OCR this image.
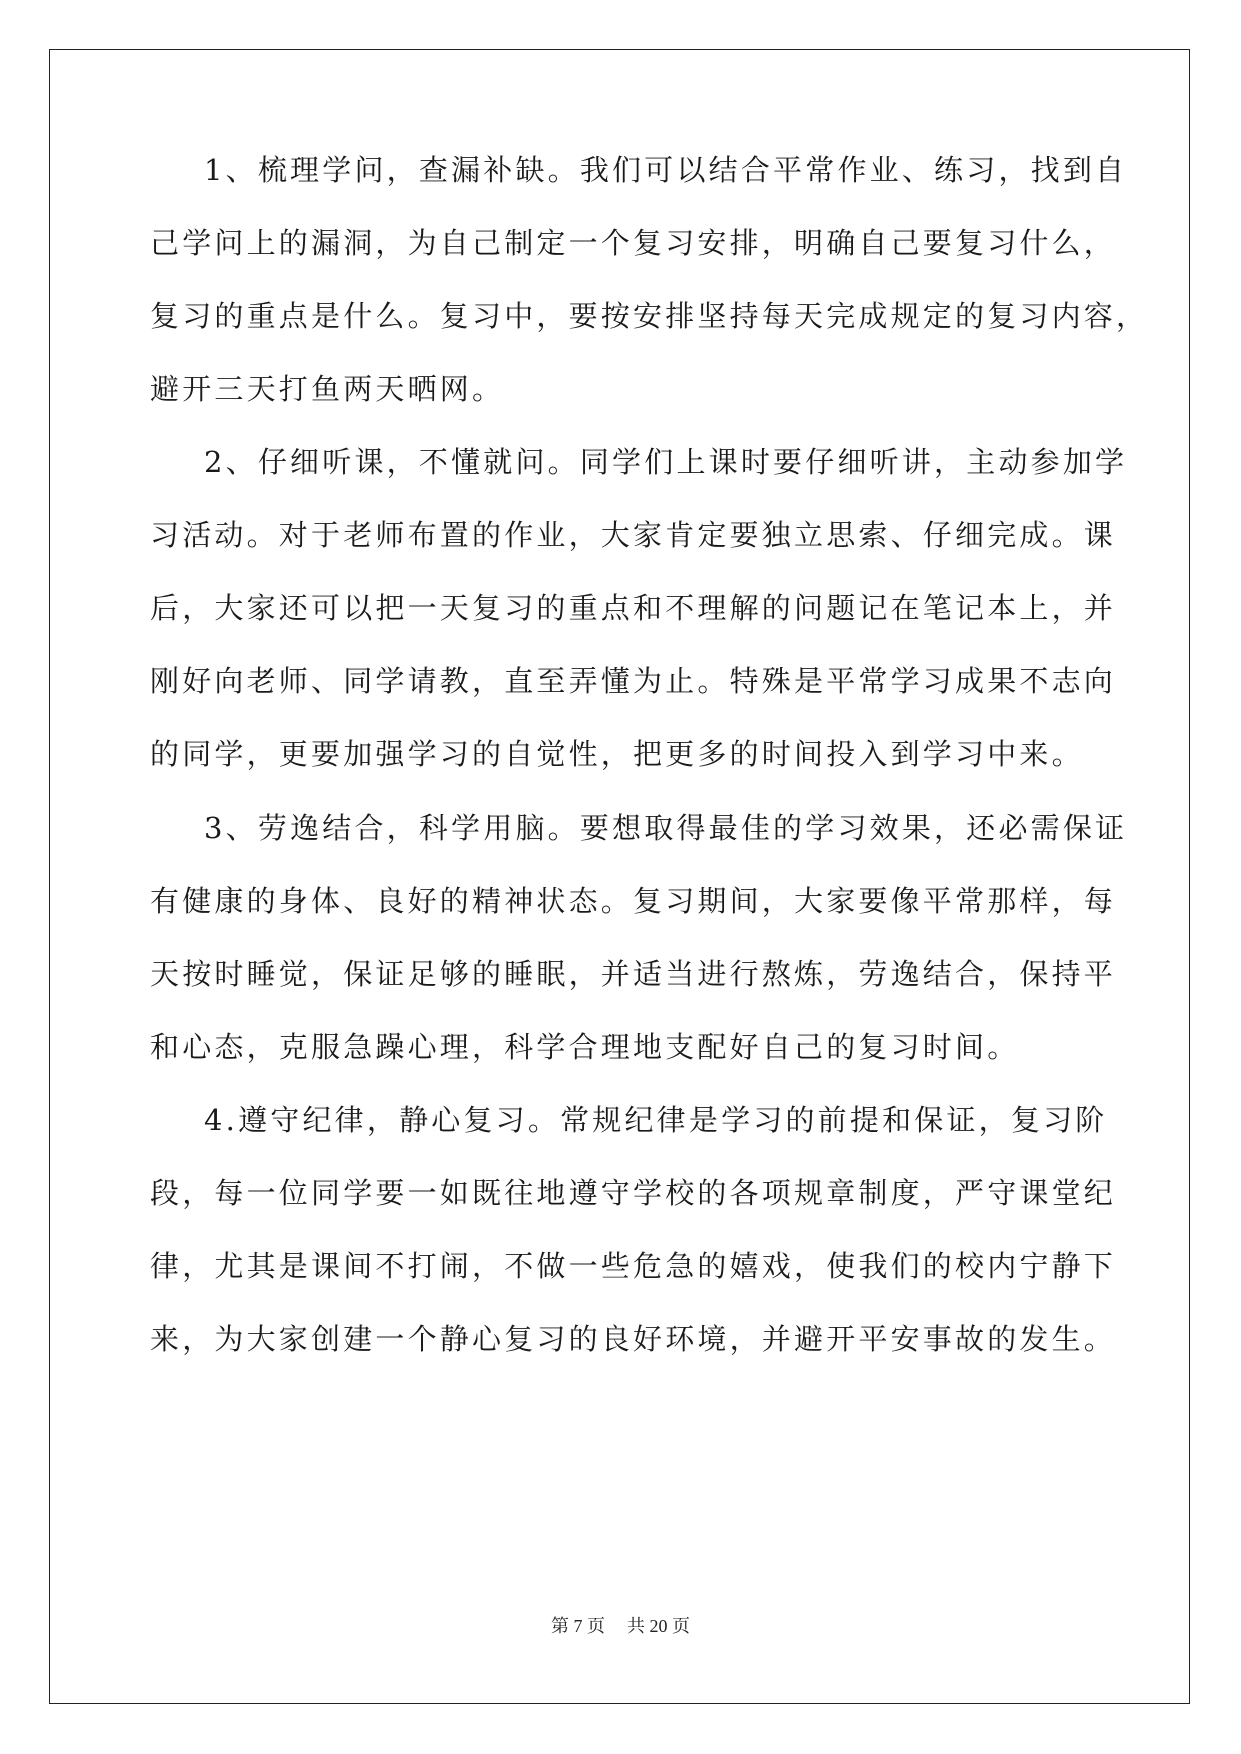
1、梳理学问，查漏补缺。我们可以结合平常作业、练习，找到自
己学问上的漏洞，为自己制定一个复习安排，明确自己要复习什么，
复习的重点是什么。复习中，要按安排坚持每天完成规定的复习内容，
避开三天打鱼两天晒网。
2、仔细听课，不懂就问。同学们上课时要仔细听讲，主动参加学
习活动。对于老师布置的作业，大家肯定要独立思索、仔细完成。课
后，大家还可以把一天复习的重点和不理解的问题记在笔记本上，并
刚好向老师、同学请教，直至弄懂为止。特殊是平常学习成果不志向
的同学，更要加强学习的自觉性，把更多的时间投入到学习中来。
3、劳逸结合，科学用脑。要想取得最佳的学习效果，还必需保证
有健康的身体、良好的精神状态。复习期间，大家要像平常那样，每
天按时睡觉，保证足够的睡眠，并适当进行熬炼，劳逸结合，保持平
和心态，克服急躁心理，科学合理地支配好自己的复习时间。
4.遵守纪律，静心复习。常规纪律是学习的前提和保证，复习阶
段，每一位同学要一如既往地遵守学校的各项规章制度，严守课堂纪
律，尤其是课间不打闹，不做一些危急的嬉戏，使我们的校内宁静下
来，为大家创建一个静心复习的良好环境，并避开平安事故的发生。
第 7 页 共 20 页
